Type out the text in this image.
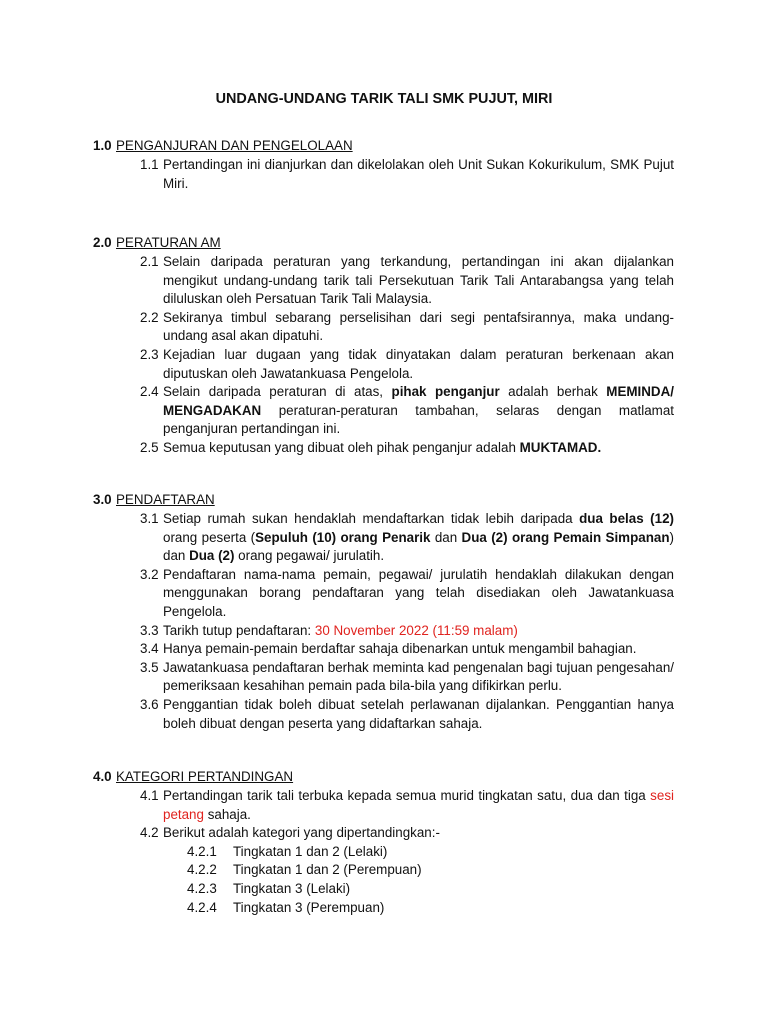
UNDANG-UNDANG TARIK TALI SMK PUJUT, MIRI
1.0 PENGANJURAN DAN PENGELOLAAN
1.1 Pertandingan ini dianjurkan dan dikelolakan oleh Unit Sukan Kokurikulum, SMK Pujut Miri.
2.0 PERATURAN AM
2.1 Selain daripada peraturan yang terkandung, pertandingan ini akan dijalankan mengikut undang-undang tarik tali Persekutuan Tarik Tali Antarabangsa yang telah diluluskan oleh Persatuan Tarik Tali Malaysia.
2.2 Sekiranya timbul sebarang perselisihan dari segi pentafsirannya, maka undang-undang asal akan dipatuhi.
2.3 Kejadian luar dugaan yang tidak dinyatakan dalam peraturan berkenaan akan diputuskan oleh Jawatankuasa Pengelola.
2.4 Selain daripada peraturan di atas, pihak penganjur adalah berhak MEMINDA/ MENGADAKAN peraturan-peraturan tambahan, selaras dengan matlamat penganjuran pertandingan ini.
2.5 Semua keputusan yang dibuat oleh pihak penganjur adalah MUKTAMAD.
3.0 PENDAFTARAN
3.1 Setiap rumah sukan hendaklah mendaftarkan tidak lebih daripada dua belas (12) orang peserta (Sepuluh (10) orang Penarik dan Dua (2) orang Pemain Simpanan) dan Dua (2) orang pegawai/ jurulatih.
3.2 Pendaftaran nama-nama pemain, pegawai/ jurulatih hendaklah dilakukan dengan menggunakan borang pendaftaran yang telah disediakan oleh Jawatankuasa Pengelola.
3.3 Tarikh tutup pendaftaran: 30 November 2022 (11:59 malam)
3.4 Hanya pemain-pemain berdaftar sahaja dibenarkan untuk mengambil bahagian.
3.5 Jawatankuasa pendaftaran berhak meminta kad pengenalan bagi tujuan pengesahan/ pemeriksaan kesahihan pemain pada bila-bila yang difikirkan perlu.
3.6 Penggantian tidak boleh dibuat setelah perlawanan dijalankan. Penggantian hanya boleh dibuat dengan peserta yang didaftarkan sahaja.
4.0 KATEGORI PERTANDINGAN
4.1 Pertandingan tarik tali terbuka kepada semua murid tingkatan satu, dua dan tiga sesi petang sahaja.
4.2 Berikut adalah kategori yang dipertandingkan:-
4.2.1 Tingkatan 1 dan 2 (Lelaki)
4.2.2 Tingkatan 1 dan 2 (Perempuan)
4.2.3 Tingkatan 3 (Lelaki)
4.2.4 Tingkatan 3 (Perempuan)
